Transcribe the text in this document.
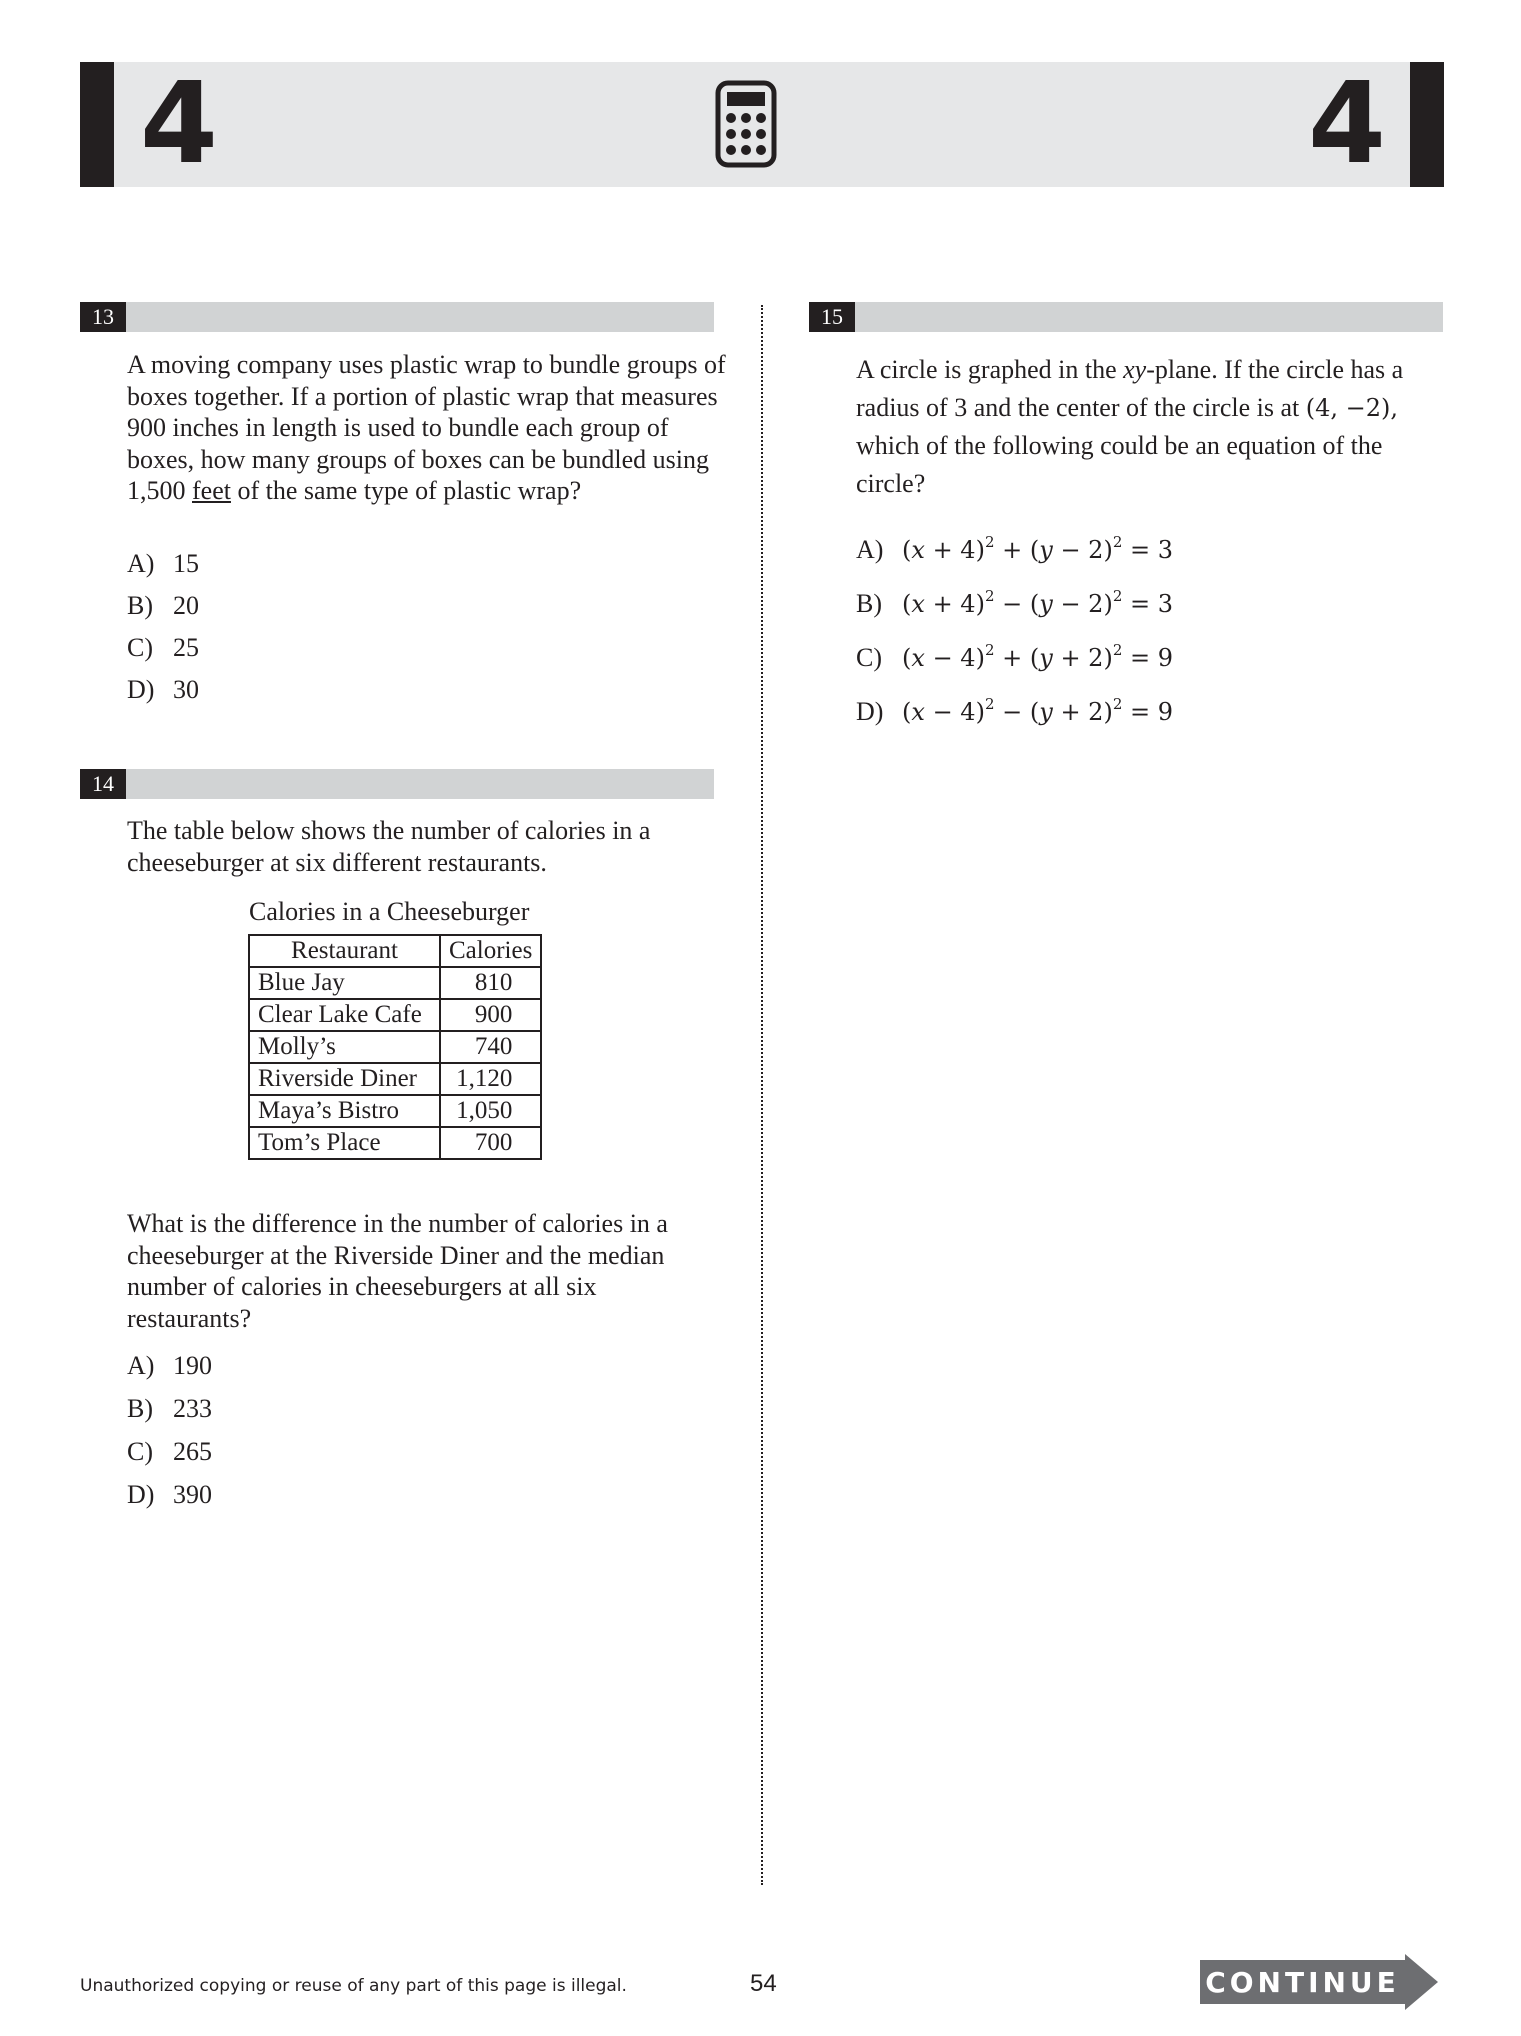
4	4
13

A moving company uses plastic wrap to bundle groups of boxes together. If a portion of plastic wrap that measures 900 inches in length is used to bundle each group of boxes, how many groups of boxes can be bundled using 1,500 feet of the same type of plastic wrap?

A) 15
B) 20
C) 25
D) 30
14

The table below shows the number of calories in a cheeseburger at six different restaurants.

Calories in a Cheeseburger
Restaurant	Calories
Blue Jay	810
Clear Lake Cafe	900
Molly’s	740
Riverside Diner	1,120
Maya’s Bistro	1,050
Tom’s Place	700

What is the difference in the number of calories in a cheeseburger at the Riverside Diner and the median number of calories in cheeseburgers at all six restaurants?

A) 190
B) 233
C) 265
D) 390
15

A circle is graphed in the xy-plane. If the circle has a radius of 3 and the center of the circle is at (4, −2), which of the following could be an equation of the circle?

A) $(x + 4)^2 + (y - 2)^2 = 3$
B) $(x + 4)^2 - (y - 2)^2 = 3$
C) $(x - 4)^2 + (y + 2)^2 = 9$
D) $(x - 4)^2 - (y + 2)^2 = 9$
Unauthorized copying or reuse of any part of this page is illegal.	54	CONTINUE
